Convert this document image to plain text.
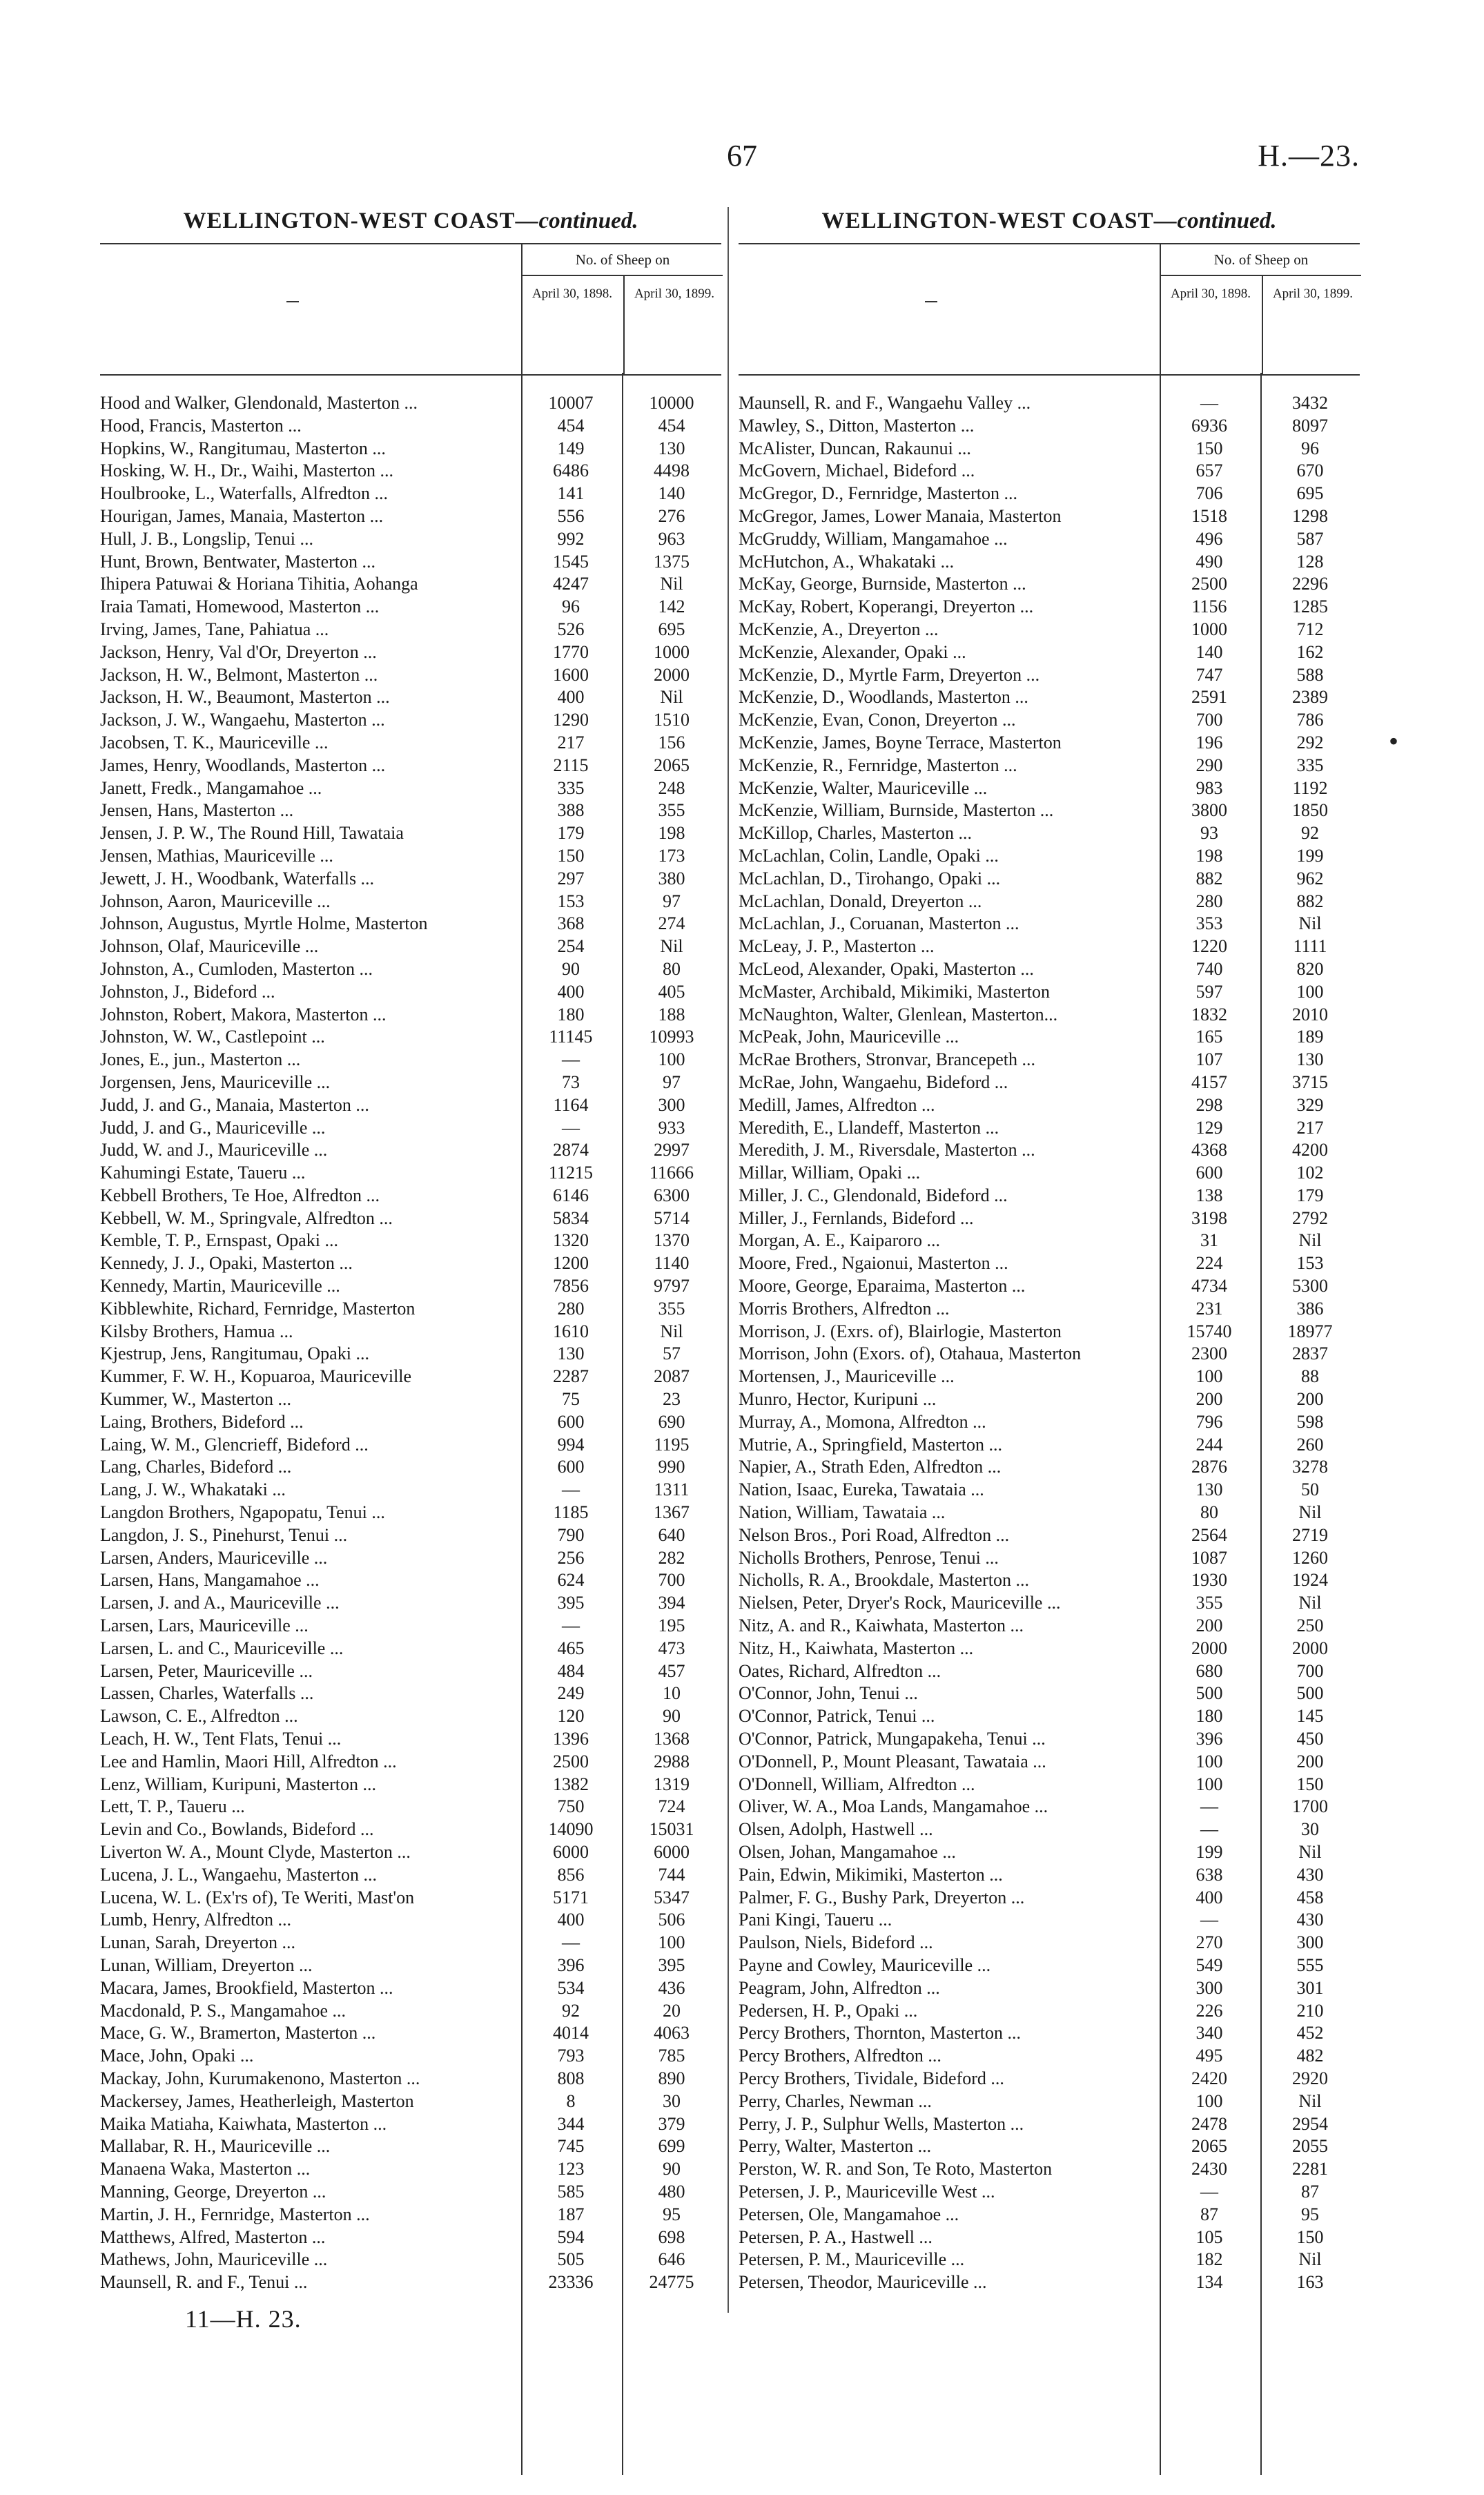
67	H.—23.
WELLINGTON-WEST COAST—continued.
No. of Sheep on
April 30, 1898.	April 30, 1899.
Hood and Walker, Glendonald, Masterton ...	10007	10000
Hood, Francis, Masterton ...	454	454
Hopkins, W., Rangitumau, Masterton ...	149	130
Hosking, W. H., Dr., Waihi, Masterton ...	6486	4498
Houlbrooke, L., Waterfalls, Alfredton ...	141	140
Hourigan, James, Manaia, Masterton ...	556	276
Hull, J. B., Longslip, Tenui ...	992	963
Hunt, Brown, Bentwater, Masterton ...	1545	1375
Ihipera Patuwai & Horiana Tihitia, Aohanga	4247	Nil
Iraia Tamati, Homewood, Masterton ...	96	142
Irving, James, Tane, Pahiatua ...	526	695
Jackson, Henry, Val d'Or, Dreyerton ...	1770	1000
Jackson, H. W., Belmont, Masterton ...	1600	2000
Jackson, H. W., Beaumont, Masterton ...	400	Nil
Jackson, J. W., Wangaehu, Masterton ...	1290	1510
Jacobsen, T. K., Mauriceville ...	217	156
James, Henry, Woodlands, Masterton ...	2115	2065
Janett, Fredk., Mangamahoe ...	335	248
Jensen, Hans, Masterton ...	388	355
Jensen, J. P. W., The Round Hill, Tawataia	179	198
Jensen, Mathias, Mauriceville ...	150	173
Jewett, J. H., Woodbank, Waterfalls ...	297	380
Johnson, Aaron, Mauriceville ...	153	97
Johnson, Augustus, Myrtle Holme, Masterton	368	274
Johnson, Olaf, Mauriceville ...	254	Nil
Johnston, A., Cumloden, Masterton ...	90	80
Johnston, J., Bideford ...	400	405
Johnston, Robert, Makora, Masterton ...	180	188
Johnston, W. W., Castlepoint ...	11145	10993
Jones, E., jun., Masterton ...	—	100
Jorgensen, Jens, Mauriceville ...	73	97
Judd, J. and G., Manaia, Masterton ...	1164	300
Judd, J. and G., Mauriceville ...	—	933
Judd, W. and J., Mauriceville ...	2874	2997
Kahumingi Estate, Taueru ...	11215	11666
Kebbell Brothers, Te Hoe, Alfredton ...	6146	6300
Kebbell, W. M., Springvale, Alfredton ...	5834	5714
Kemble, T. P., Ernspast, Opaki ...	1320	1370
Kennedy, J. J., Opaki, Masterton ...	1200	1140
Kennedy, Martin, Mauriceville ...	7856	9797
Kibblewhite, Richard, Fernridge, Masterton	280	355
Kilsby Brothers, Hamua ...	1610	Nil
Kjestrup, Jens, Rangitumau, Opaki ...	130	57
Kummer, F. W. H., Kopuaroa, Mauriceville	2287	2087
Kummer, W., Masterton ...	75	23
Laing, Brothers, Bideford ...	600	690
Laing, W. M., Glencrieff, Bideford ...	994	1195
Lang, Charles, Bideford ...	600	990
Lang, J. W., Whakataki ...	—	1311
Langdon Brothers, Ngapopatu, Tenui ...	1185	1367
Langdon, J. S., Pinehurst, Tenui ...	790	640
Larsen, Anders, Mauriceville ...	256	282
Larsen, Hans, Mangamahoe ...	624	700
Larsen, J. and A., Mauriceville ...	395	394
Larsen, Lars, Mauriceville ...	—	195
Larsen, L. and C., Mauriceville ...	465	473
Larsen, Peter, Mauriceville ...	484	457
Lassen, Charles, Waterfalls ...	249	10
Lawson, C. E., Alfredton ...	120	90
Leach, H. W., Tent Flats, Tenui ...	1396	1368
Lee and Hamlin, Maori Hill, Alfredton ...	2500	2988
Lenz, William, Kuripuni, Masterton ...	1382	1319
Lett, T. P., Taueru ...	750	724
Levin and Co., Bowlands, Bideford ...	14090	15031
Liverton W. A., Mount Clyde, Masterton ...	6000	6000
Lucena, J. L., Wangaehu, Masterton ...	856	744
Lucena, W. L. (Ex'rs of), Te Weriti, Mast'on	5171	5347
Lumb, Henry, Alfredton ...	400	506
Lunan, Sarah, Dreyerton ...	—	100
Lunan, William, Dreyerton ...	396	395
Macara, James, Brookfield, Masterton ...	534	436
Macdonald, P. S., Mangamahoe ...	92	20
Mace, G. W., Bramerton, Masterton ...	4014	4063
Mace, John, Opaki ...	793	785
Mackay, John, Kurumakenono, Masterton ...	808	890
Mackersey, James, Heatherleigh, Masterton	8	30
Maika Matiaha, Kaiwhata, Masterton ...	344	379
Mallabar, R. H., Mauriceville ...	745	699
Manaena Waka, Masterton ...	123	90
Manning, George, Dreyerton ...	585	480
Martin, J. H., Fernridge, Masterton ...	187	95
Matthews, Alfred, Masterton ...	594	698
Mathews, John, Mauriceville ...	505	646
Maunsell, R. and F., Tenui ...	23336	24775
WELLINGTON-WEST COAST—continued.
No. of Sheep on
April 30, 1898.	April 30, 1899.
Maunsell, R. and F., Wangaehu Valley ...	—	3432
Mawley, S., Ditton, Masterton ...	6936	8097
McAlister, Duncan, Rakaunui ...	150	96
McGovern, Michael, Bideford ...	657	670
McGregor, D., Fernridge, Masterton ...	706	695
McGregor, James, Lower Manaia, Masterton	1518	1298
McGruddy, William, Mangamahoe ...	496	587
McHutchon, A., Whakataki ...	490	128
McKay, George, Burnside, Masterton ...	2500	2296
McKay, Robert, Koperangi, Dreyerton ...	1156	1285
McKenzie, A., Dreyerton ...	1000	712
McKenzie, Alexander, Opaki ...	140	162
McKenzie, D., Myrtle Farm, Dreyerton ...	747	588
McKenzie, D., Woodlands, Masterton ...	2591	2389
McKenzie, Evan, Conon, Dreyerton ...	700	786
McKenzie, James, Boyne Terrace, Masterton	196	292
McKenzie, R., Fernridge, Masterton ...	290	335
McKenzie, Walter, Mauriceville ...	983	1192
McKenzie, William, Burnside, Masterton ...	3800	1850
McKillop, Charles, Masterton ...	93	92
McLachlan, Colin, Landle, Opaki ...	198	199
McLachlan, D., Tirohango, Opaki ...	882	962
McLachlan, Donald, Dreyerton ...	280	882
McLachlan, J., Coruanan, Masterton ...	353	Nil
McLeay, J. P., Masterton ...	1220	1111
McLeod, Alexander, Opaki, Masterton ...	740	820
McMaster, Archibald, Mikimiki, Masterton	597	100
McNaughton, Walter, Glenlean, Masterton...	1832	2010
McPeak, John, Mauriceville ...	165	189
McRae Brothers, Stronvar, Brancepeth ...	107	130
McRae, John, Wangaehu, Bideford ...	4157	3715
Medill, James, Alfredton ...	298	329
Meredith, E., Llandeff, Masterton ...	129	217
Meredith, J. M., Riversdale, Masterton ...	4368	4200
Millar, William, Opaki ...	600	102
Miller, J. C., Glendonald, Bideford ...	138	179
Miller, J., Fernlands, Bideford ...	3198	2792
Morgan, A. E., Kaiparoro ...	31	Nil
Moore, Fred., Ngaionui, Masterton ...	224	153
Moore, George, Eparaima, Masterton ...	4734	5300
Morris Brothers, Alfredton ...	231	386
Morrison, J. (Exrs. of), Blairlogie, Masterton	15740	18977
Morrison, John (Exors. of), Otahaua, Masterton	2300	2837
Mortensen, J., Mauriceville ...	100	88
Munro, Hector, Kuripuni ...	200	200
Murray, A., Momona, Alfredton ...	796	598
Mutrie, A., Springfield, Masterton ...	244	260
Napier, A., Strath Eden, Alfredton ...	2876	3278
Nation, Isaac, Eureka, Tawataia ...	130	50
Nation, William, Tawataia ...	80	Nil
Nelson Bros., Pori Road, Alfredton ...	2564	2719
Nicholls Brothers, Penrose, Tenui ...	1087	1260
Nicholls, R. A., Brookdale, Masterton ...	1930	1924
Nielsen, Peter, Dryer's Rock, Mauriceville ...	355	Nil
Nitz, A. and R., Kaiwhata, Masterton ...	200	250
Nitz, H., Kaiwhata, Masterton ...	2000	2000
Oates, Richard, Alfredton ...	680	700
O'Connor, John, Tenui ...	500	500
O'Connor, Patrick, Tenui ...	180	145
O'Connor, Patrick, Mungapakeha, Tenui ...	396	450
O'Donnell, P., Mount Pleasant, Tawataia ...	100	200
O'Donnell, William, Alfredton ...	100	150
Oliver, W. A., Moa Lands, Mangamahoe ...	—	1700
Olsen, Adolph, Hastwell ...	—	30
Olsen, Johan, Mangamahoe ...	199	Nil
Pain, Edwin, Mikimiki, Masterton ...	638	430
Palmer, F. G., Bushy Park, Dreyerton ...	400	458
Pani Kingi, Taueru ...	—	430
Paulson, Niels, Bideford ...	270	300
Payne and Cowley, Mauriceville ...	549	555
Peagram, John, Alfredton ...	300	301
Pedersen, H. P., Opaki ...	226	210
Percy Brothers, Thornton, Masterton ...	340	452
Percy Brothers, Alfredton ...	495	482
Percy Brothers, Tividale, Bideford ...	2420	2920
Perry, Charles, Newman ...	100	Nil
Perry, J. P., Sulphur Wells, Masterton ...	2478	2954
Perry, Walter, Masterton ...	2065	2055
Perston, W. R. and Son, Te Roto, Masterton	2430	2281
Petersen, J. P., Mauriceville West ...	—	87
Petersen, Ole, Mangamahoe ...	87	95
Petersen, P. A., Hastwell ...	105	150
Petersen, P. M., Mauriceville ...	182	Nil
Petersen, Theodor, Mauriceville ...	134	163
11—H. 23.
•
